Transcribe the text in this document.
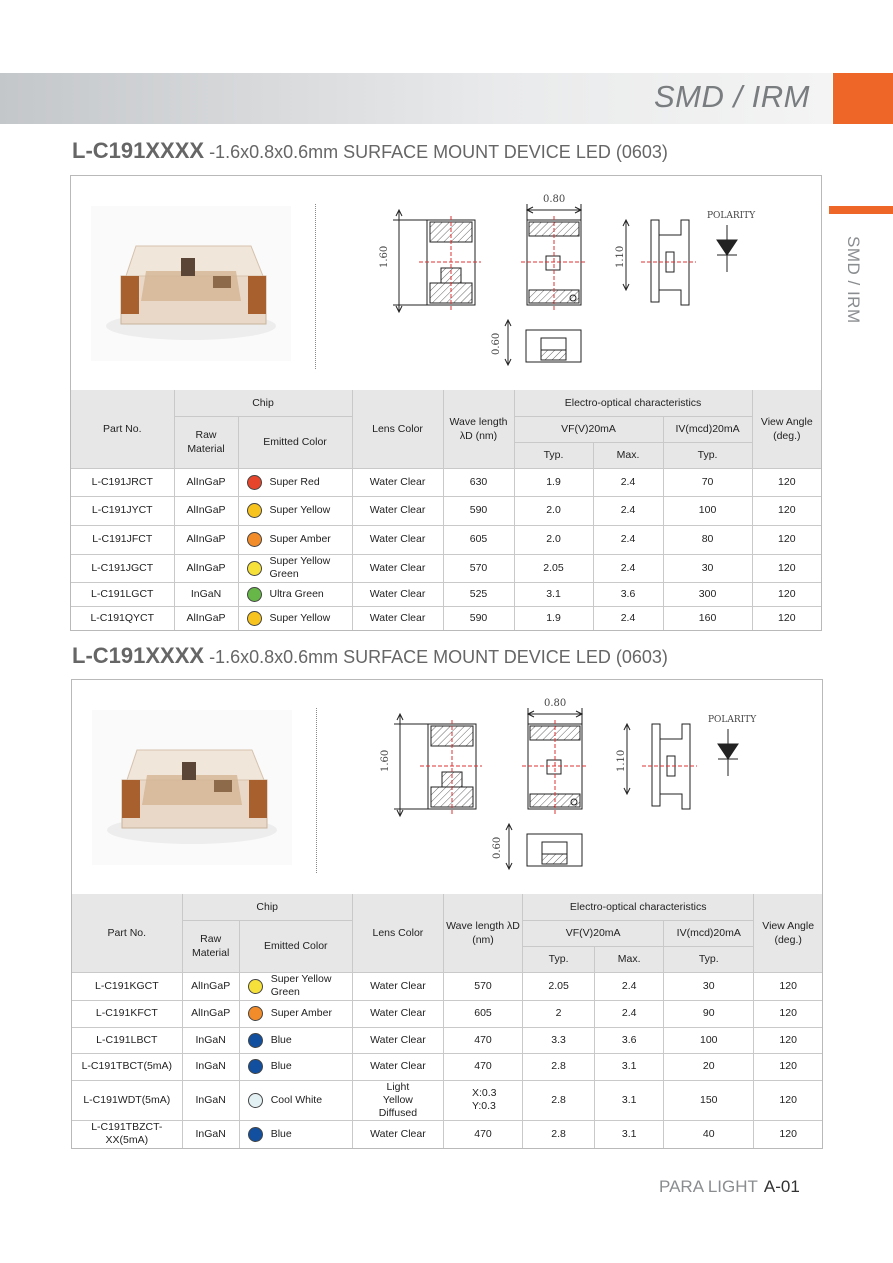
SMD / IRM
SMD / IRM
L-C191XXXX -1.6x0.8x0.6mm SURFACE MOUNT DEVICE LED (0603)
0.80
1.60	1.10
0.60
POLARITY
Part No.	Chip		Lens Color	Wave length λD (nm)	Electro-optical characteristics			View Angle (deg.)
	Raw Material	Emitted Color			VF(V)20mA		IV(mcd)20mA	
					Typ.	Max.	Typ.	
L-C191JRCT	AlInGaP	Super Red	Water Clear	630	1.9	2.4	70	120
L-C191JYCT	AlInGaP	Super Yellow	Water Clear	590	2.0	2.4	100	120
L-C191JFCT	AlInGaP	Super Amber	Water Clear	605	2.0	2.4	80	120
L-C191JGCT	AlInGaP	Super Yellow Green	Water Clear	570	2.05	2.4	30	120
L-C191LGCT	InGaN	Ultra Green	Water Clear	525	3.1	3.6	300	120
L-C191QYCT	AlInGaP	Super Yellow	Water Clear	590	1.9	2.4	160	120
L-C191XXXX -1.6x0.8x0.6mm SURFACE MOUNT DEVICE LED (0603)
0.80
1.60	1.10
0.60
POLARITY
Part No.	Chip		Lens Color	Wave length λD (nm)	Electro-optical characteristics			View Angle (deg.)
	Raw Material	Emitted Color			VF(V)20mA		IV(mcd)20mA	
					Typ.	Max.	Typ.	
L-C191KGCT	AlInGaP	Super Yellow Green	Water Clear	570	2.05	2.4	30	120
L-C191KFCT	AlInGaP	Super Amber	Water Clear	605	2	2.4	90	120
L-C191LBCT	InGaN	Blue	Water Clear	470	3.3	3.6	100	120
L-C191TBCT(5mA)	InGaN	Blue	Water Clear	470	2.8	3.1	20	120
L-C191WDT(5mA)	InGaN	Cool White	Light Yellow Diffused	X:0.3 Y:0.3	2.8	3.1	150	120
L-C191TBZCT-XX(5mA)	InGaN	Blue	Water Clear	470	2.8	3.1	40	120
PARA LIGHT A-01
